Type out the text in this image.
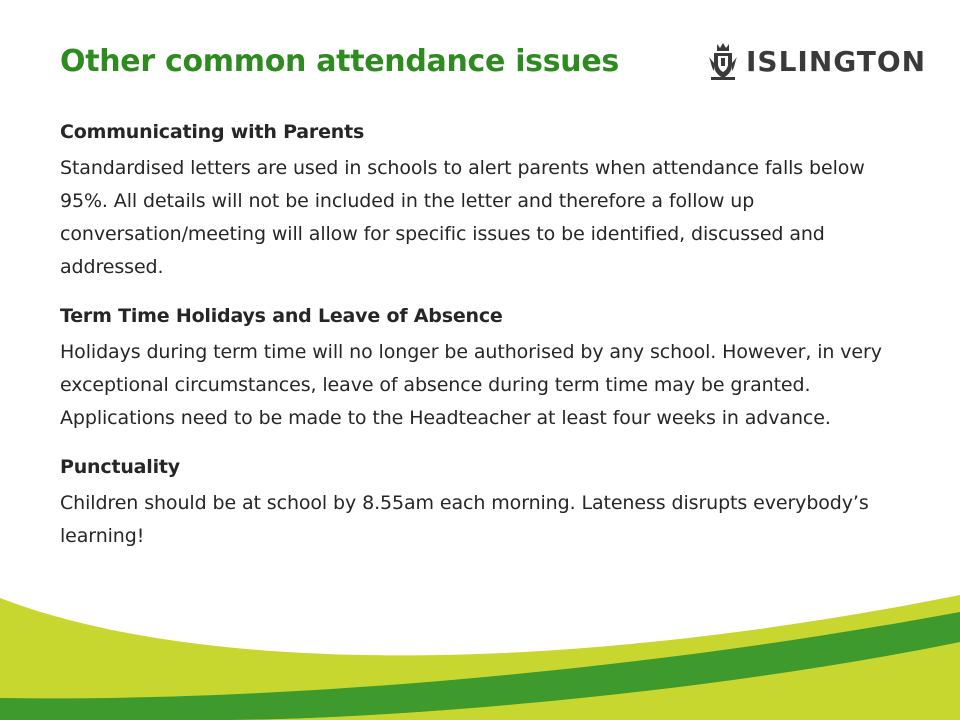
Other common attendance issues	ISLINGTON
Communicating with Parents

Standardised letters are used in schools to alert parents when attendance falls below 95%. All details will not be included in the letter and therefore a follow up conversation/meeting will allow for specific issues to be identified, discussed and addressed.

Term Time Holidays and Leave of Absence

Holidays during term time will no longer be authorised by any school. However, in very exceptional circumstances, leave of absence during term time may be granted. Applications need to be made to the Headteacher at least four weeks in advance.

Punctuality

Children should be at school by 8.55am each morning. Lateness disrupts everybody’s learning!
